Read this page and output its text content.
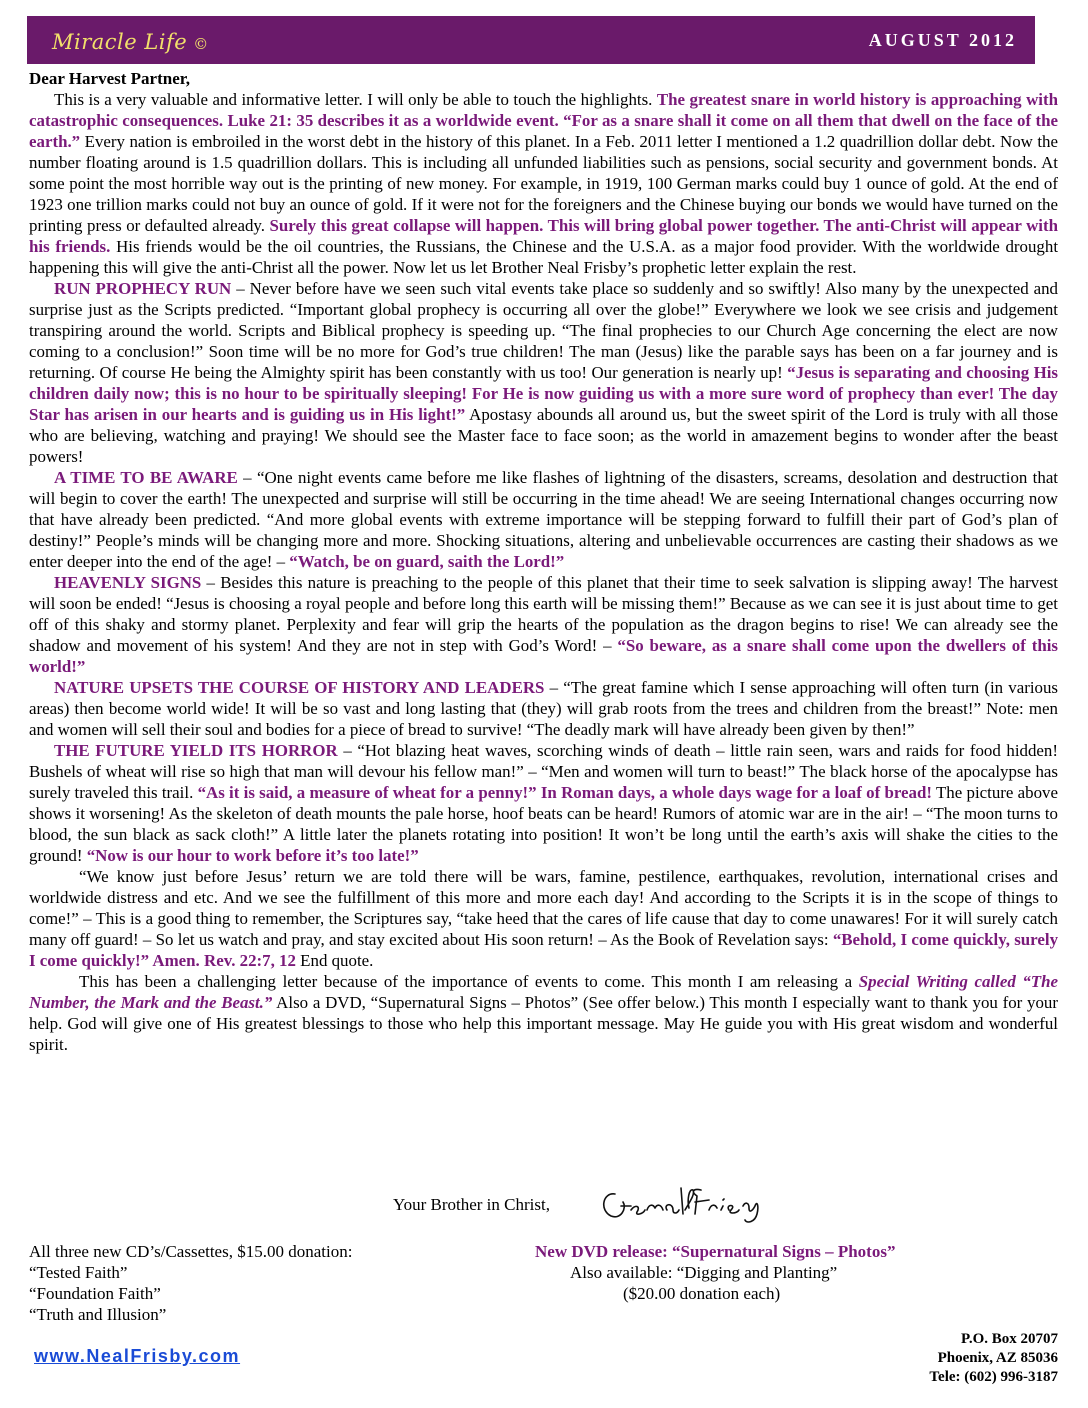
Miracle Life ©	AUGUST 2012
Dear Harvest Partner,

This is a very valuable and informative letter. I will only be able to touch the highlights. The greatest snare in world history is approaching with catastrophic consequences. Luke 21: 35 describes it as a worldwide event. “For as a snare shall it come on all them that dwell on the face of the earth.” Every nation is embroiled in the worst debt in the history of this planet. In a Feb. 2011 letter I mentioned a 1.2 quadrillion dollar debt. Now the number floating around is 1.5 quadrillion dollars. This is including all unfunded liabilities such as pensions, social security and government bonds. At some point the most horrible way out is the printing of new money. For example, in 1919, 100 German marks could buy 1 ounce of gold. At the end of 1923 one trillion marks could not buy an ounce of gold. If it were not for the foreigners and the Chinese buying our bonds we would have turned on the printing press or defaulted already. Surely this great collapse will happen. This will bring global power together. The anti-Christ will appear with his friends. His friends would be the oil countries, the Russians, the Chinese and the U.S.A. as a major food provider. With the worldwide drought happening this will give the anti-Christ all the power. Now let us let Brother Neal Frisby’s prophetic letter explain the rest.

RUN PROPHECY RUN – Never before have we seen such vital events take place so suddenly and so swiftly! Also many by the unexpected and surprise just as the Scripts predicted. “Important global prophecy is occurring all over the globe!” Everywhere we look we see crisis and judgement transpiring around the world. Scripts and Biblical prophecy is speeding up. “The final prophecies to our Church Age concerning the elect are now coming to a conclusion!” Soon time will be no more for God’s true children! The man (Jesus) like the parable says has been on a far journey and is returning. Of course He being the Almighty spirit has been constantly with us too! Our generation is nearly up! “Jesus is separating and choosing His children daily now; this is no hour to be spiritually sleeping! For He is now guiding us with a more sure word of prophecy than ever! The day Star has arisen in our hearts and is guiding us in His light!” Apostasy abounds all around us, but the sweet spirit of the Lord is truly with all those who are believing, watching and praying! We should see the Master face to face soon; as the world in amazement begins to wonder after the beast powers!

A TIME TO BE AWARE – “One night events came before me like flashes of lightning of the disasters, screams, desolation and destruction that will begin to cover the earth! The unexpected and surprise will still be occurring in the time ahead! We are seeing International changes occurring now that have already been predicted. “And more global events with extreme importance will be stepping forward to fulfill their part of God’s plan of destiny!” People’s minds will be changing more and more. Shocking situations, altering and unbelievable occurrences are casting their shadows as we enter deeper into the end of the age! – “Watch, be on guard, saith the Lord!”

HEAVENLY SIGNS – Besides this nature is preaching to the people of this planet that their time to seek salvation is slipping away! The harvest will soon be ended! “Jesus is choosing a royal people and before long this earth will be missing them!” Because as we can see it is just about time to get off of this shaky and stormy planet. Perplexity and fear will grip the hearts of the population as the dragon begins to rise! We can already see the shadow and movement of his system! And they are not in step with God’s Word! – “So beware, as a snare shall come upon the dwellers of this world!”

NATURE UPSETS THE COURSE OF HISTORY AND LEADERS – “The great famine which I sense approaching will often turn (in various areas) then become world wide! It will be so vast and long lasting that (they) will grab roots from the trees and children from the breast!” Note: men and women will sell their soul and bodies for a piece of bread to survive! “The deadly mark will have already been given by then!”

THE FUTURE YIELD ITS HORROR – “Hot blazing heat waves, scorching winds of death – little rain seen, wars and raids for food hidden! Bushels of wheat will rise so high that man will devour his fellow man!” – “Men and women will turn to beast!” The black horse of the apocalypse has surely traveled this trail. “As it is said, a measure of wheat for a penny!” In Roman days, a whole days wage for a loaf of bread! The picture above shows it worsening! As the skeleton of death mounts the pale horse, hoof beats can be heard! Rumors of atomic war are in the air! – “The moon turns to blood, the sun black as sack cloth!” A little later the planets rotating into position! It won’t be long until the earth’s axis will shake the cities to the ground! “Now is our hour to work before it’s too late!”

“We know just before Jesus’ return we are told there will be wars, famine, pestilence, earthquakes, revolution, international crises and worldwide distress and etc. And we see the fulfillment of this more and more each day! And according to the Scripts it is in the scope of things to come!” – This is a good thing to remember, the Scriptures say, “take heed that the cares of life cause that day to come unawares! For it will surely catch many off guard! – So let us watch and pray, and stay excited about His soon return! – As the Book of Revelation says: “Behold, I come quickly, surely I come quickly!” Amen. Rev. 22:7, 12 End quote.

This has been a challenging letter because of the importance of events to come. This month I am releasing a Special Writing called “The Number, the Mark and the Beast.” Also a DVD, “Supernatural Signs – Photos” (See offer below.) This month I especially want to thank you for your help. God will give one of His greatest blessings to those who help this important message. May He guide you with His great wisdom and wonderful spirit.

Your Brother in Christ,
All three new CD’s/Cassettes, $15.00 donation:
“Tested Faith”
“Foundation Faith”
“Truth and Illusion”
New DVD release: “Supernatural Signs – Photos”
Also available: “Digging and Planting”
($20.00 donation each)
www.NealFrisby.com
P.O. Box 20707
Phoenix, AZ 85036
Tele: (602) 996-3187
